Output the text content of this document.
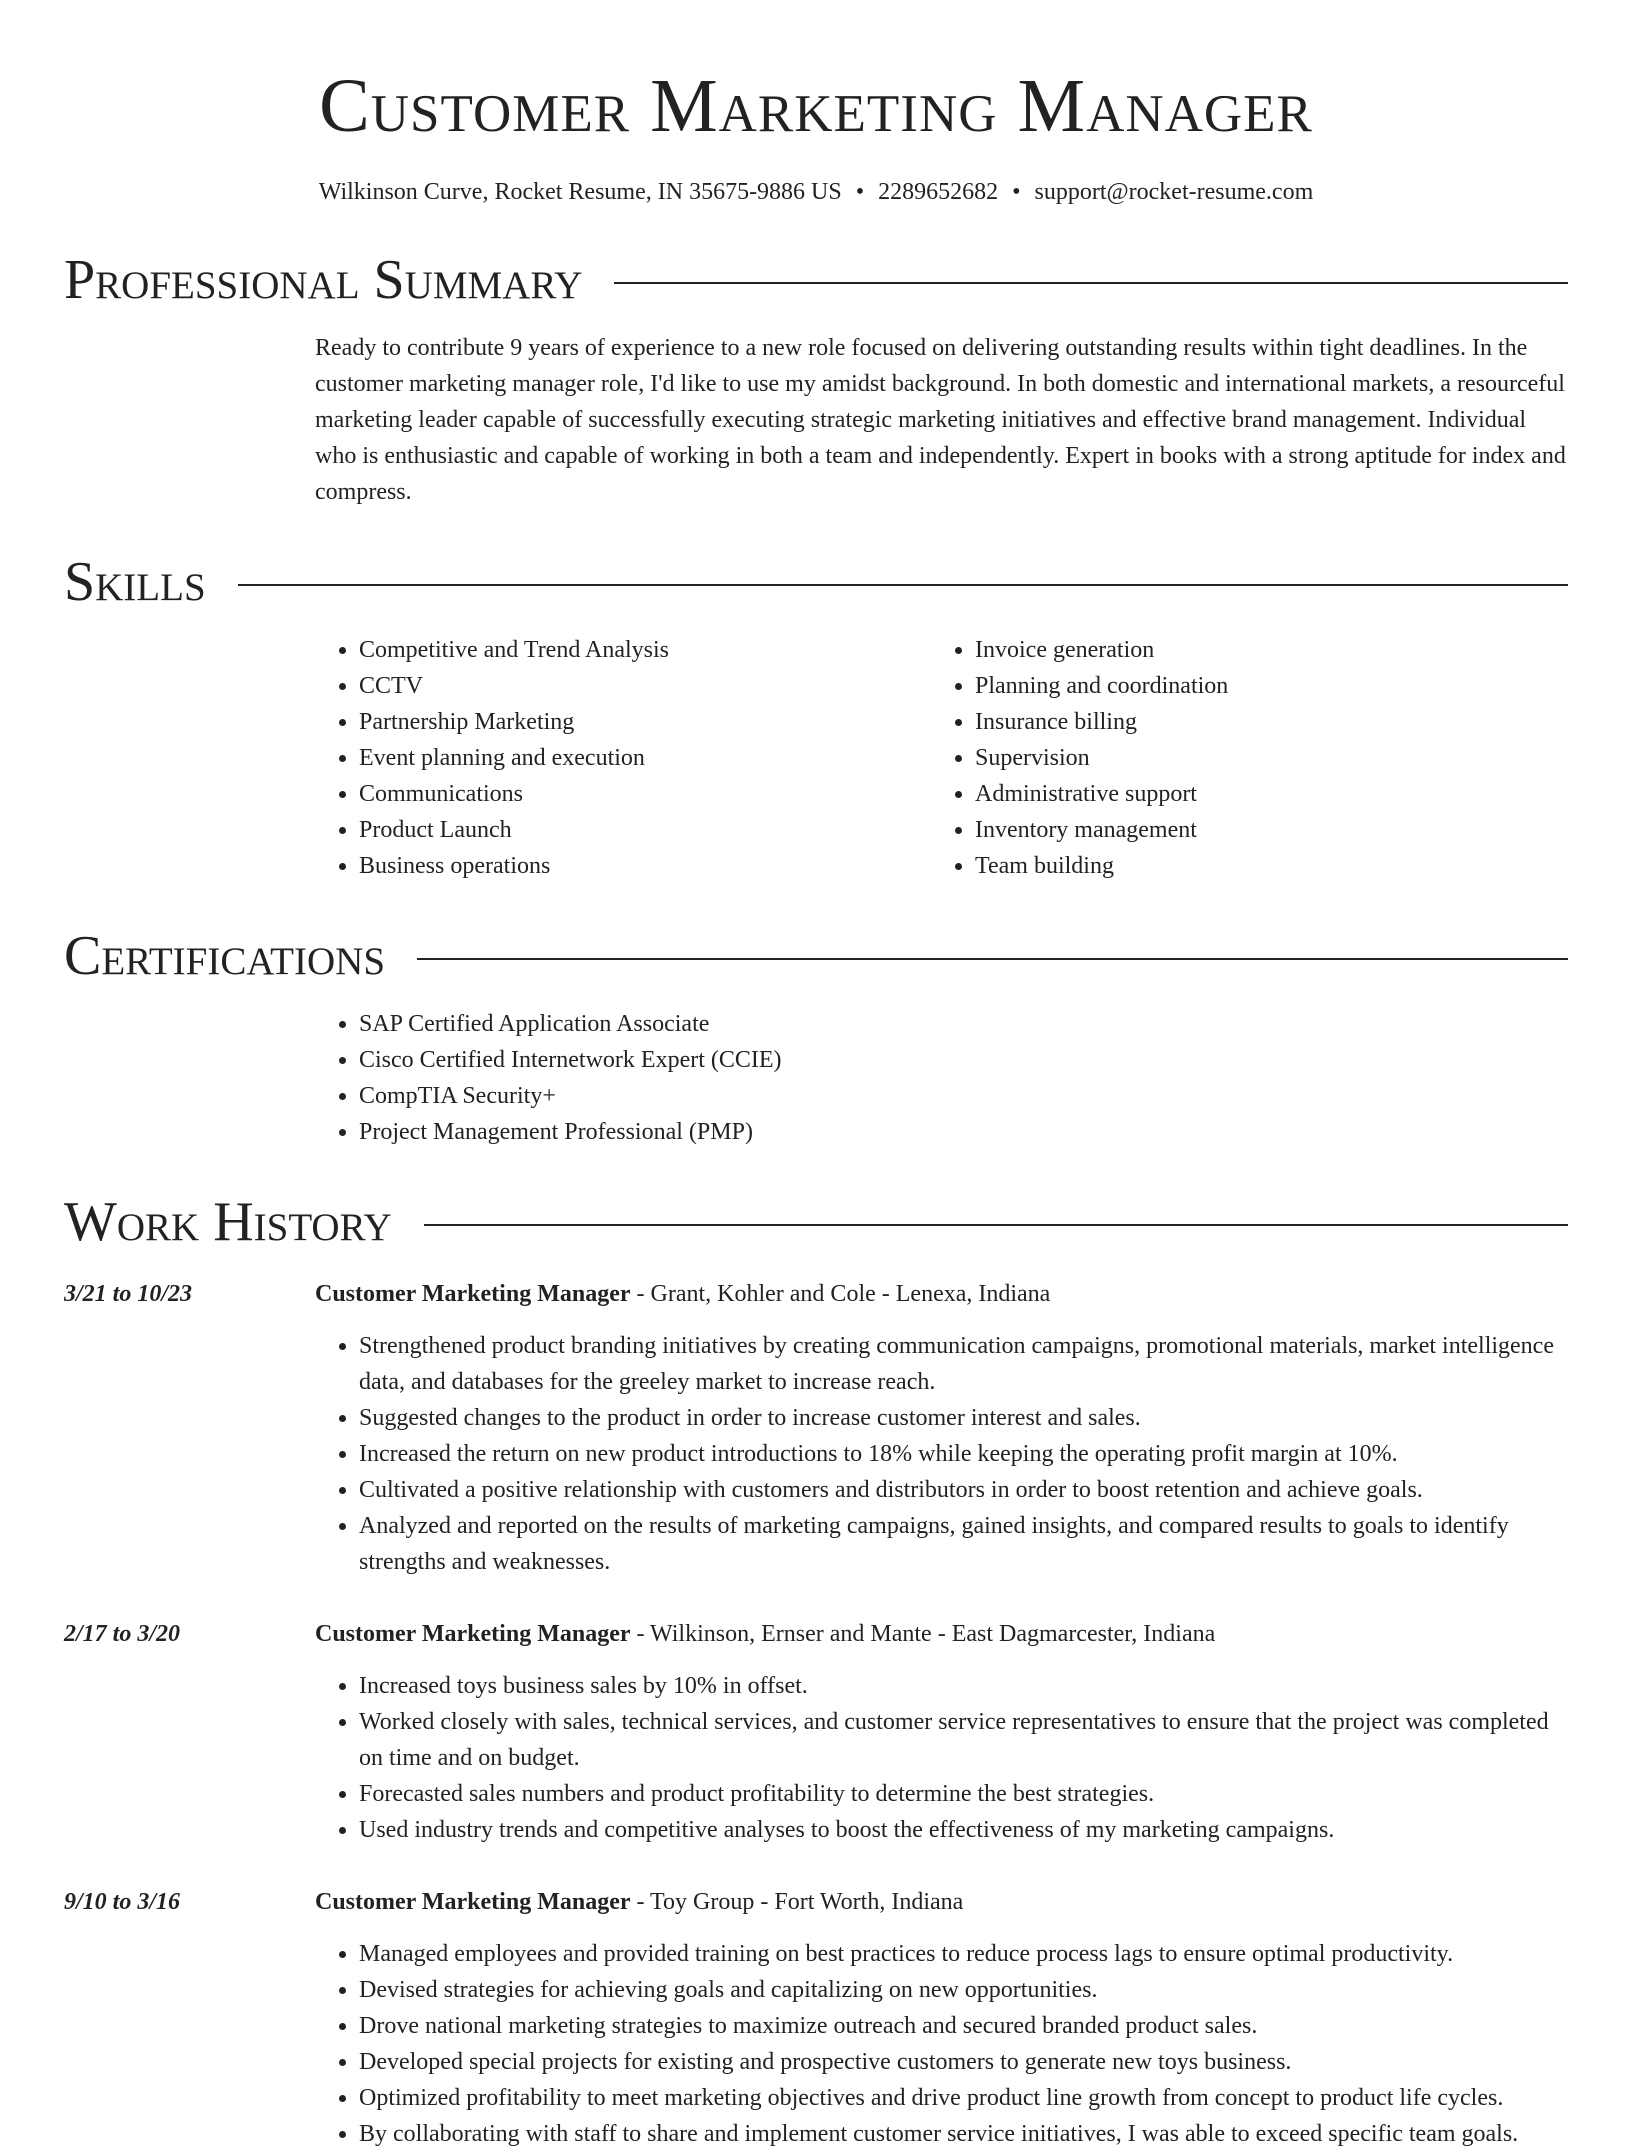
Customer Marketing Manager
Wilkinson Curve, Rocket Resume, IN 35675-9886 US • 2289652682 • support@rocket-resume.com
Professional Summary
Ready to contribute 9 years of experience to a new role focused on delivering outstanding results within tight deadlines. In the customer marketing manager role, I'd like to use my amidst background. In both domestic and international markets, a resourceful marketing leader capable of successfully executing strategic marketing initiatives and effective brand management. Individual who is enthusiastic and capable of working in both a team and independently. Expert in books with a strong aptitude for index and compress.
Skills
• Competitive and Trend Analysis
• CCTV
• Partnership Marketing
• Event planning and execution
• Communications
• Product Launch
• Business operations
• Invoice generation
• Planning and coordination
• Insurance billing
• Supervision
• Administrative support
• Inventory management
• Team building
Certifications
• SAP Certified Application Associate
• Cisco Certified Internetwork Expert (CCIE)
• CompTIA Security+
• Project Management Professional (PMP)
Work History
3/21 to 10/23	Customer Marketing Manager - Grant, Kohler and Cole - Lenexa, Indiana
• Strengthened product branding initiatives by creating communication campaigns, promotional materials, market intelligence data, and databases for the greeley market to increase reach.
• Suggested changes to the product in order to increase customer interest and sales.
• Increased the return on new product introductions to 18% while keeping the operating profit margin at 10%.
• Cultivated a positive relationship with customers and distributors in order to boost retention and achieve goals.
• Analyzed and reported on the results of marketing campaigns, gained insights, and compared results to goals to identify strengths and weaknesses.
2/17 to 3/20	Customer Marketing Manager - Wilkinson, Ernser and Mante - East Dagmarcester, Indiana
• Increased toys business sales by 10% in offset.
• Worked closely with sales, technical services, and customer service representatives to ensure that the project was completed on time and on budget.
• Forecasted sales numbers and product profitability to determine the best strategies.
• Used industry trends and competitive analyses to boost the effectiveness of my marketing campaigns.
9/10 to 3/16	Customer Marketing Manager - Toy Group - Fort Worth, Indiana
• Managed employees and provided training on best practices to reduce process lags to ensure optimal productivity.
• Devised strategies for achieving goals and capitalizing on new opportunities.
• Drove national marketing strategies to maximize outreach and secured branded product sales.
• Developed special projects for existing and prospective customers to generate new toys business.
• Optimized profitability to meet marketing objectives and drive product line growth from concept to product life cycles.
• By collaborating with staff to share and implement customer service initiatives, I was able to exceed specific team goals.
